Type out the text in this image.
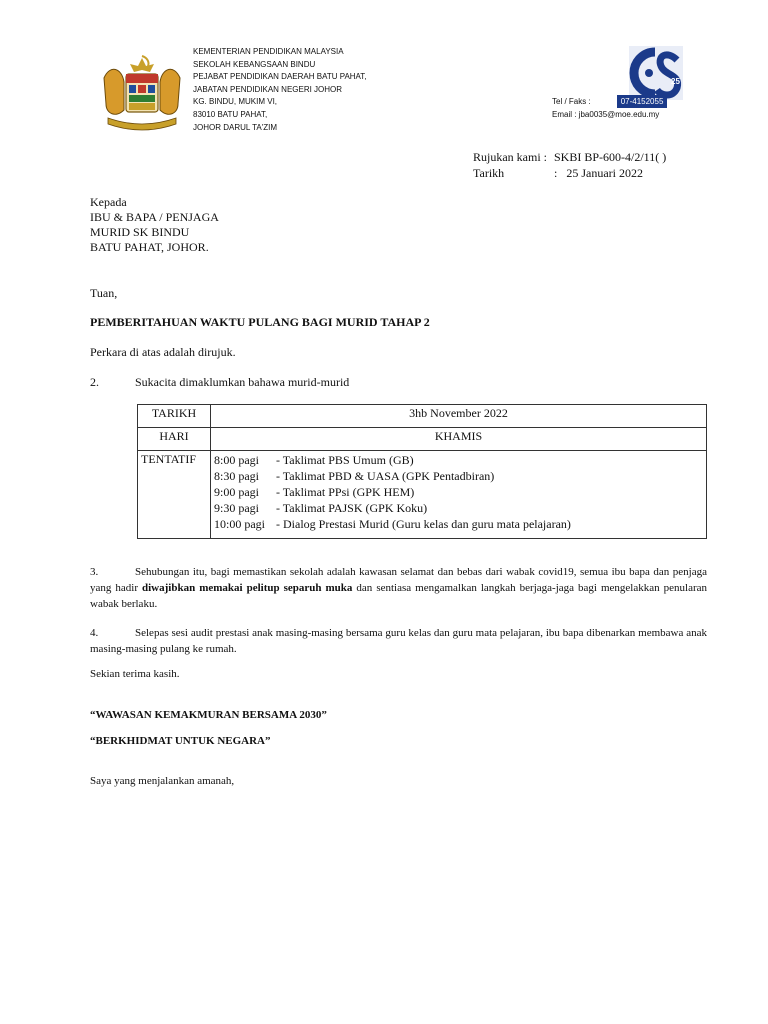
KEMENTERIAN PENDIDIKAN MALAYSIA
SEKOLAH KEBANGSAAN BINDU
PEJABAT PENDIDIKAN DAERAH BATU PAHAT,
JABATAN PENDIDIKAN NEGERI JOHOR
KG. BINDU, MUKIM VI,
83010 BATU PAHAT,
JOHOR DARUL TA'ZIM
25
Tel / Faks :	07-4152055
Email : jba0035@moe.edu.my
Rujukan kami : SKBI BP-600-4/2/11( )
Tarikh	: 25 Januari 2022
Kepada
IBU & BAPA / PENJAGA
MURID SK BINDU
BATU PAHAT, JOHOR.
Tuan,
PEMBERITAHUAN WAKTU PULANG BAGI MURID TAHAP 2
Perkara di atas adalah dirujuk.
2.	Sukacita dimaklumkan bahawa murid-murid
TARIKH	3hb November 2022
HARI	KHAMIS
TENTATIF	8:00 pagi - Taklimat PBS Umum (GB)
8:30 pagi - Taklimat PBD & UASA (GPK Pentadbiran)
9:00 pagi - Taklimat PPsi (GPK HEM)
9:30 pagi - Taklimat PAJSK (GPK Koku)
10:00 pagi - Dialog Prestasi Murid (Guru kelas dan guru mata pelajaran)
3.	Sehubungan itu, bagi memastikan sekolah adalah kawasan selamat dan bebas dari wabak covid19, semua ibu bapa dan penjaga yang hadir diwajibkan memakai pelitup separuh muka dan sentiasa mengamalkan langkah berjaga-jaga bagi mengelakkan penularan wabak berlaku.
4.	Selepas sesi audit prestasi anak masing-masing bersama guru kelas dan guru mata pelajaran, ibu bapa dibenarkan membawa anak masing-masing pulang ke rumah.
Sekian terima kasih.
“WAWASAN KEMAKMURAN BERSAMA 2030”
“BERKHIDMAT UNTUK NEGARA”
Saya yang menjalankan amanah,
